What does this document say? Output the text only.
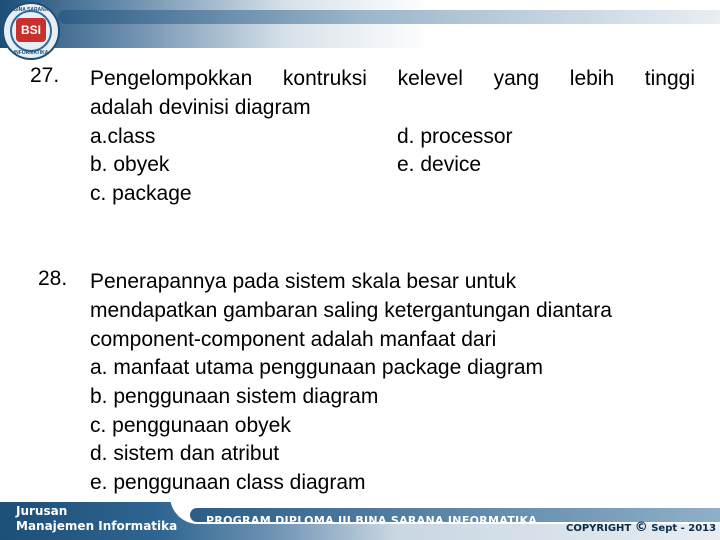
BINA SARANA
BSI
INFORMATIKA
27.	Pengelompokkan kontruksi kelevel yang lebih tinggi
adalah devinisi diagram
a.class
b. obyek
c. package
d. processor
e. device
28.	Penerapannya pada sistem skala besar untuk
mendapatkan gambaran saling ketergantungan diantara
component-component adalah manfaat dari
a. manfaat utama penggunaan package diagram
b. penggunaan sistem diagram
c. penggunaan obyek
d. sistem dan atribut
e. penggunaan class diagram
Jurusan
Manajemen Informatika	PROGRAM DIPLOMA III BINA SARANA INFORMATIKA
COPYRIGHT © Sept - 2013
